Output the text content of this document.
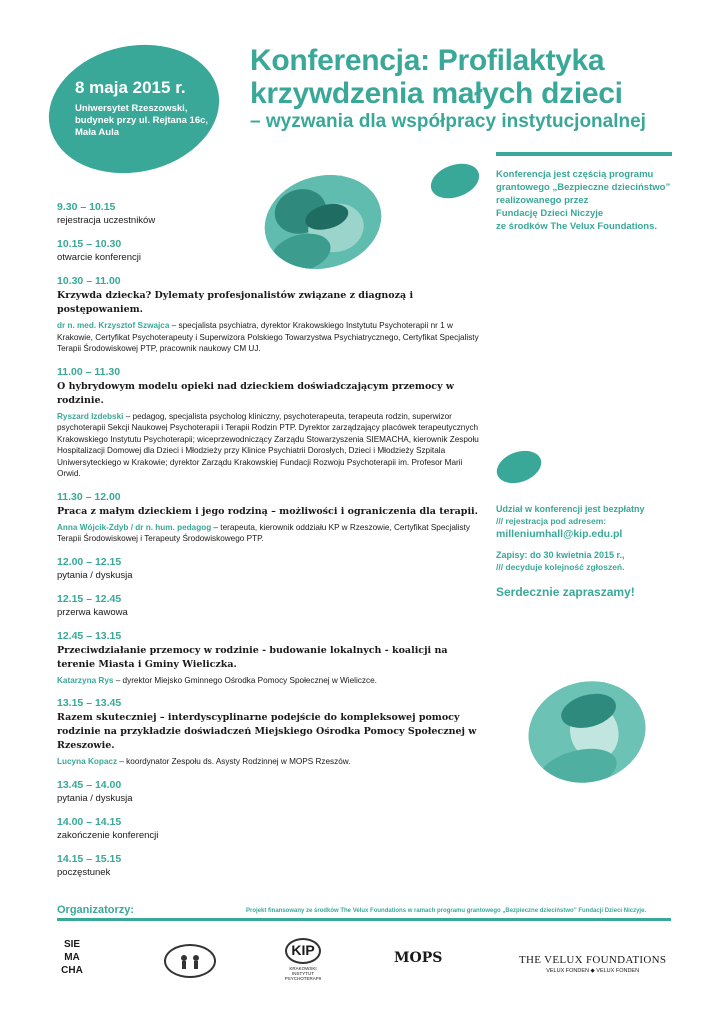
8 maja 2015 r.
Uniwersytet Rzeszowski,
budynek przy ul. Rejtana 16c,
Mała Aula
Konferencja: Profilaktyka
krzywdzenia małych dzieci
– wyzwania dla współpracy instytucjonalnej
Konferencja jest częścią programu
grantowego „Bezpieczne dzieciństwo”
realizowanego przez
Fundację Dzieci Niczyje
ze środków The Velux Foundations.
9.30 – 10.15
rejestracja uczestników
10.15 – 10.30
otwarcie konferencji
10.30 – 11.00
Krzywda dziecka? Dylematy profesjonalistów związane z diagnozą i postępowaniem.
dr n. med. Krzysztof Szwajca – specjalista psychiatra, dyrektor Krakowskiego Instytutu Psychoterapii nr 1 w Krakowie, Certyfikat Psychoterapeuty i Superwizora Polskiego Towarzystwa Psychiatrycznego, Certyfikat Specjalisty Terapii Środowiskowej PTP, pracownik naukowy CM UJ.
11.00 – 11.30
O hybrydowym modelu opieki nad dzieckiem doświadczającym przemocy w rodzinie.
Ryszard Izdebski – pedagog, specjalista psycholog kliniczny, psychoterapeuta, terapeuta rodzin, superwizor psychoterapii Sekcji Naukowej Psychoterapii i Terapii Rodzin PTP. Dyrektor zarządzający placówek terapeutycznych Krakowskiego Instytutu Psychoterapii; wiceprzewodniczący Zarządu Stowarzyszenia SIEMACHA, kierownik Zespołu Hospitalizacji Domowej dla Dzieci i Młodzieży przy Klinice Psychiatrii Dorosłych, Dzieci i Młodzieży Szpitala Uniwersyteckiego w Krakowie; dyrektor Zarządu Krakowskiej Fundacji Rozwoju Psychoterapii im. Profesor Marii Orwid.
11.30 – 12.00
Praca z małym dzieckiem i jego rodziną – możliwości i ograniczenia dla terapii.
Anna Wójcik-Zdyb / dr n. hum. pedagog – terapeuta, kierownik oddziału KP w Rzeszowie, Certyfikat Specjalisty Terapii Środowiskowej i Terapeuty Środowiskowego PTP.
12.00 – 12.15
pytania / dyskusja
12.15 – 12.45
przerwa kawowa
12.45 – 13.15
Przeciwdziałanie przemocy w rodzinie - budowanie lokalnych - koalicji na terenie Miasta i Gminy Wieliczka.
Katarzyna Rys – dyrektor Miejsko Gminnego Ośrodka Pomocy Społecznej w Wieliczce.
13.15 – 13.45
Razem skuteczniej – interdyscyplinarne podejście do kompleksowej pomocy rodzinie na przykładzie doświadczeń Miejskiego Ośrodka Pomocy Społecznej w Rzeszowie.
Lucyna Kopacz – koordynator Zespołu ds. Asysty Rodzinnej w MOPS Rzeszów.
13.45 – 14.00
pytania / dyskusja
14.00 – 14.15
zakończenie konferencji
14.15 – 15.15
poczęstunek
Udział w konferencji jest bezpłatny
/// rejestracja pod adresem:
milleniumhall@kip.edu.pl
Zapisy: do 30 kwietnia 2015 r.,
/// decyduje kolejność zgłoszeń.
Serdecznie zapraszamy!
Organizatorzy:	Projekt finansowany ze środków The Velux Foundations w ramach programu grantowego „Bezpieczne dzieciństwo” Fundacji Dzieci Niczyje.
SIE
MA
CHA
KIP
KRAKOWSKI INSTYTUT PSYCHOTERAPII
MOPS	THE VELUX FOUNDATIONS
VELUX FONDEN ◆ VELUX FONDEN
